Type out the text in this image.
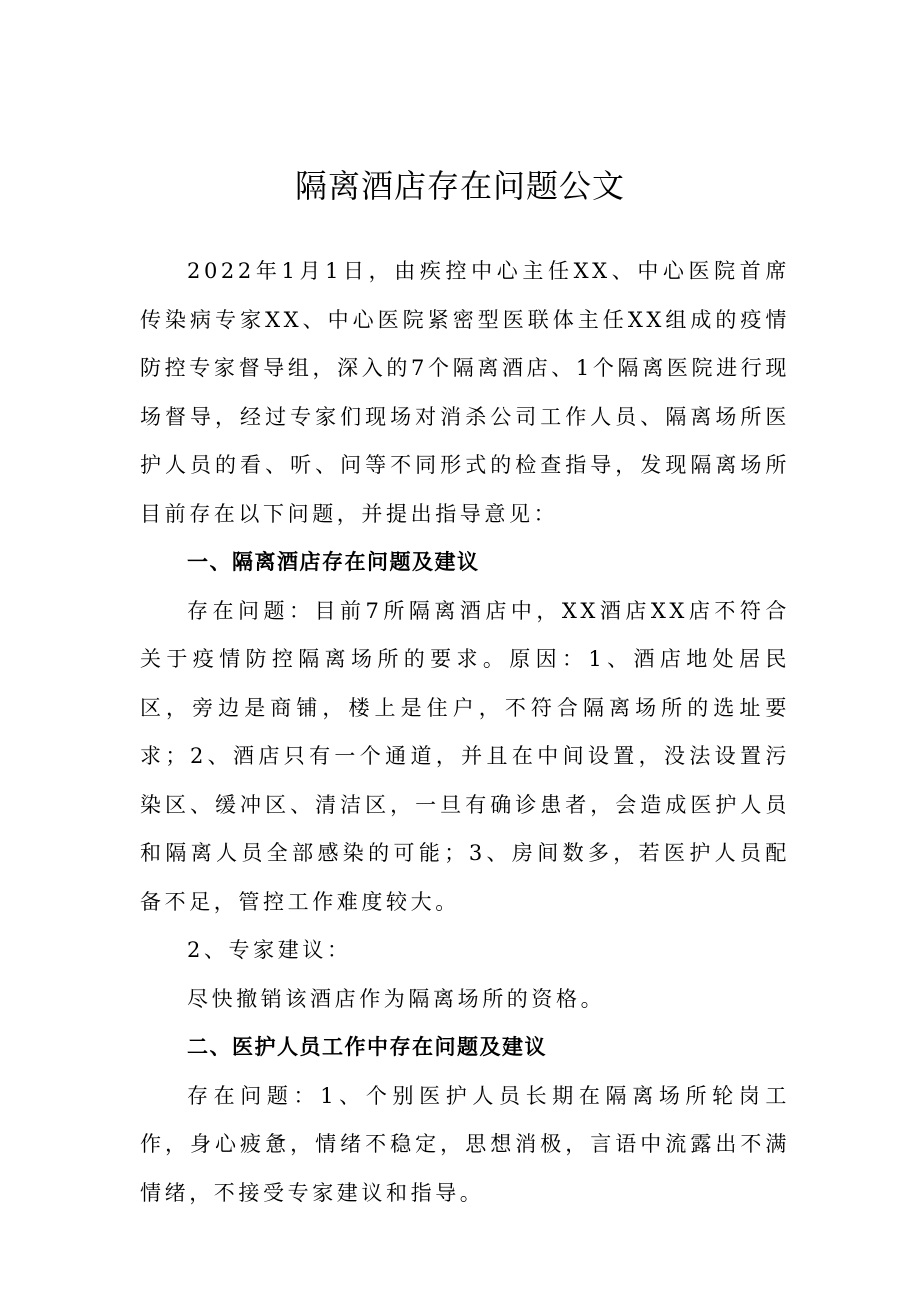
隔离酒店存在问题公文

2022年1月1日，由疾控中心主任XX、中心医院首席传染病专家XX、中心医院紧密型医联体主任XX组成的疫情防控专家督导组，深入的7个隔离酒店、1个隔离医院进行现场督导，经过专家们现场对消杀公司工作人员、隔离场所医护人员的看、听、问等不同形式的检查指导，发现隔离场所目前存在以下问题，并提出指导意见：

一、隔离酒店存在问题及建议

存在问题：目前7所隔离酒店中，XX酒店XX店不符合关于疫情防控隔离场所的要求。原因：1、酒店地处居民区，旁边是商铺，楼上是住户，不符合隔离场所的选址要求；2、酒店只有一个通道，并且在中间设置，没法设置污染区、缓冲区、清洁区，一旦有确诊患者，会造成医护人员和隔离人员全部感染的可能；3、房间数多，若医护人员配备不足，管控工作难度较大。

2、专家建议：

尽快撤销该酒店作为隔离场所的资格。

二、医护人员工作中存在问题及建议

存在问题：1、个别医护人员长期在隔离场所轮岗工作，身心疲惫，情绪不稳定，思想消极，言语中流露出不满情绪，不接受专家建议和指导。
